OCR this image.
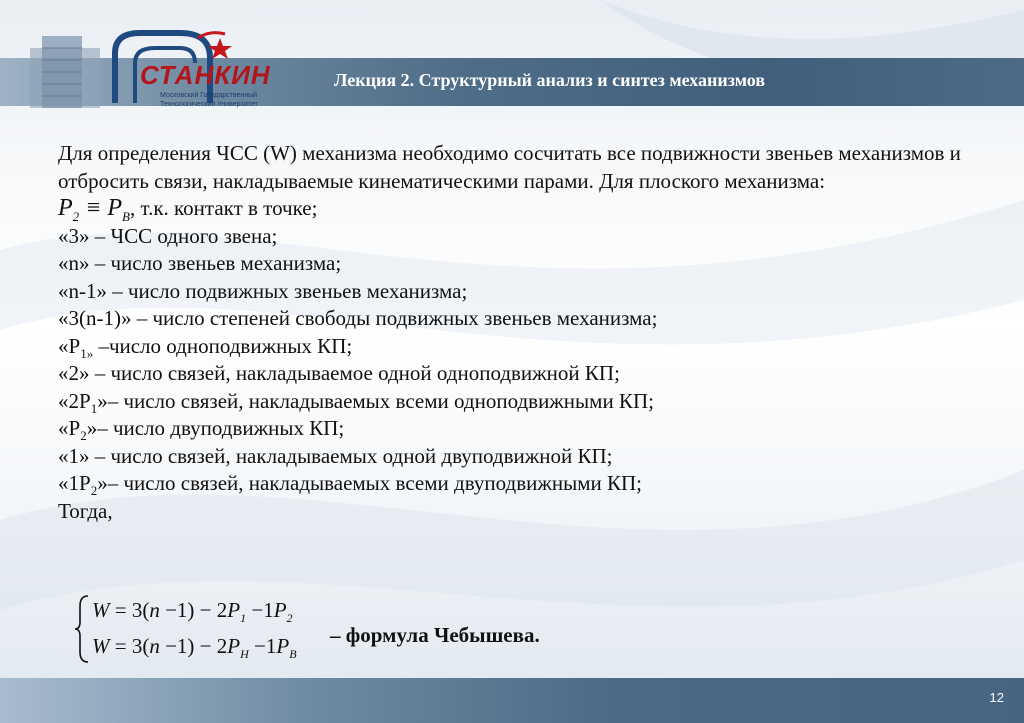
Лекция 2. Структурный анализ и синтез механизмов
СТАНКИН
Московский Государственный
Технологический Университет

Для определения ЧСС (W) механизма необходимо сосчитать все подвижности звеньев механизмов и отбросить связи, накладываемые кинематическими парами. Для плоского механизма:

$P_2 \equiv P_B$, т.к. контакт в точке;

«3» – ЧСС одного звена;

«n» – число звеньев механизма;

«n-1» – число подвижных звеньев механизма;

«3(n-1)» – число степеней свободы подвижных звеньев механизма;

«$P_{1»}$ –число одноподвижных КП;

«2» – число связей, накладываемое одной одноподвижной КП;

«$2P_1»-$ число связей, накладываемых всеми одноподвижными КП;

«$P_2»-$ число двуподвижных КП;

«1» – число связей, накладываемых одной двуподвижной КП;

«$1P_2»-$ число связей, накладываемых всеми двуподвижными КП;

Тогда,

$W = 3(n -1) - 2P_1 -1P_2$
$W = 3(n -1) - 2P_H -1P_B$
– формула Чебышева.
12
